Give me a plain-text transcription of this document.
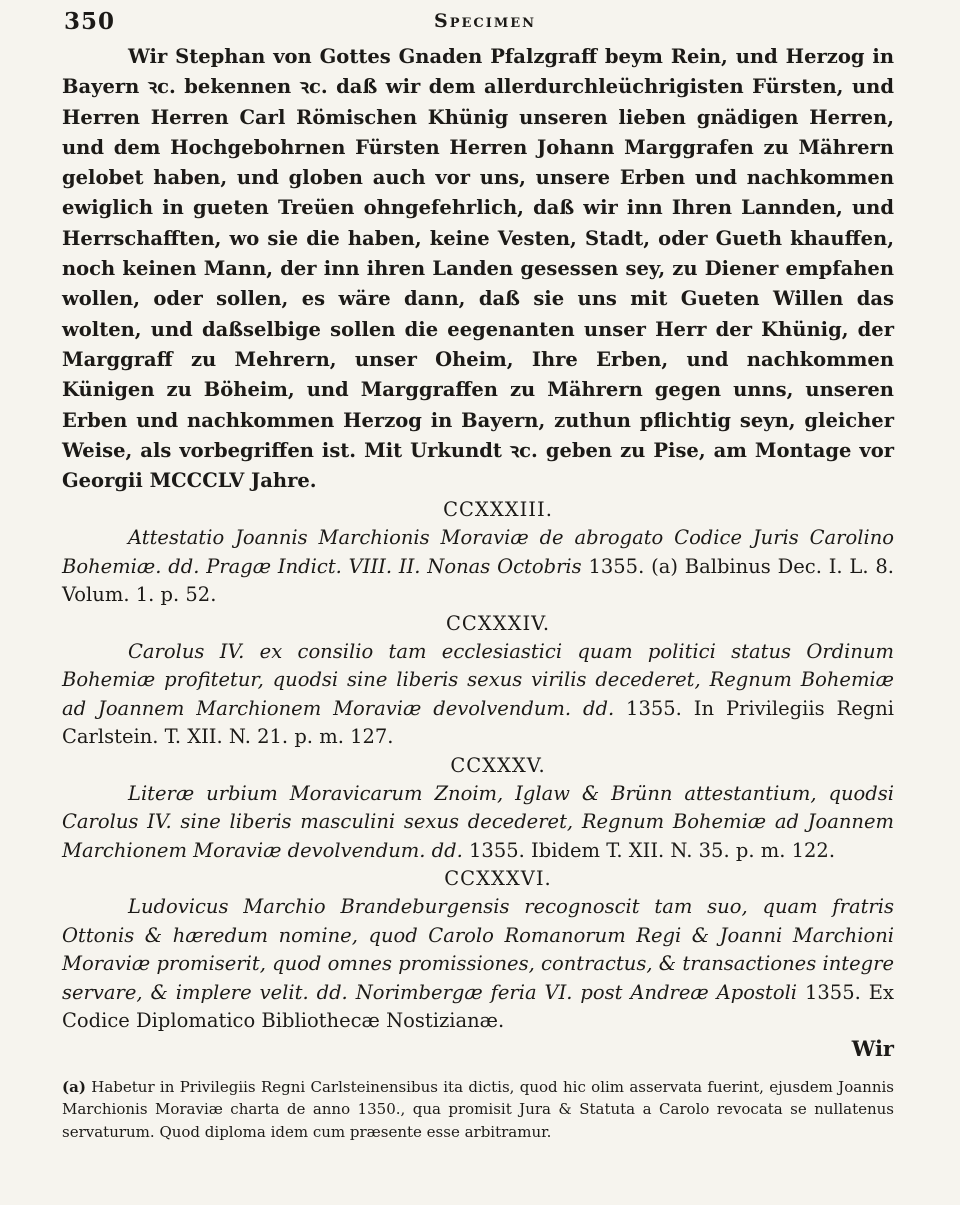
350	Specimen

Wir Stephan von Gottes Gnaden Pfalzgraff beym Rein, und Herzog in Bayern ꝛc. bekennen ꝛc. daß wir dem allerdurchleüchrigisten Fürsten, und Herren Herren Carl Römischen Khünig unseren lieben gnädigen Herren, und dem Hochgebohrnen Fürsten Herren Johann Marggrafen zu Mährern gelobet haben, und globen auch vor uns, unsere Erben und nachkommen ewiglich in gueten Treüen ohngefehrlich, daß wir inn Ihren Lannden, und Herrschafften, wo sie die haben, keine Vesten, Stadt, oder Gueth khauffen, noch keinen Mann, der inn ihren Landen gesessen sey, zu Diener empfahen wollen, oder sollen, es wäre dann, daß sie uns mit Gueten Willen das wolten, und daßselbige sollen die eegenanten unser Herr der Khünig, der Marggraff zu Mehrern, unser Oheim, Ihre Erben, und nachkommen Künigen zu Böheim, und Marggraffen zu Mährern gegen unns, unseren Erben und nachkommen Herzog in Bayern, zuthun pflichtig seyn, gleicher Weise, als vorbegriffen ist. Mit Urkundt ꝛc. geben zu Pise, am Montage vor Georgii MCCCLV Jahre.

CCXXXIII.

Attestatio Joannis Marchionis Moraviæ de abrogato Codice Juris Carolino Bohemiæ. dd. Pragæ Indict. VIII. II. Nonas Octobris 1355. (a) Balbinus Dec. I. L. 8. Volum. 1. p. 52.

CCXXXIV.

Carolus IV. ex consilio tam ecclesiastici quam politici status Ordinum Bohemiæ profitetur, quodsi sine liberis sexus virilis decederet, Regnum Bohemiæ ad Joannem Marchionem Moraviæ devolvendum. dd. 1355. In Privilegiis Regni Carlstein. T. XII. N. 21. p. m. 127.

CCXXXV.

Literæ urbium Moravicarum Znoim, Iglaw & Brünn attestantium, quodsi Carolus IV. sine liberis masculini sexus decederet, Regnum Bohemiæ ad Joannem Marchionem Moraviæ devolvendum. dd. 1355. Ibidem T. XII. N. 35. p. m. 122.

CCXXXVI.

Ludovicus Marchio Brandeburgensis recognoscit tam suo, quam fratris Ottonis & hæredum nomine, quod Carolo Romanorum Regi & Joanni Marchioni Moraviæ promiserit, quod omnes promissiones, contractus, & transactiones integre servare, & implere velit. dd. Norimbergæ feria VI. post Andreæ Apostoli 1355. Ex Codice Diplomatico Bibliothecæ Nostizianæ.

Wir

(a) Habetur in Privilegiis Regni Carlsteinensibus ita dictis, quod hic olim asservata fuerint, ejusdem Joannis Marchionis Moraviæ charta de anno 1350., qua promisit Jura & Statuta a Carolo revocata se nullatenus servaturum. Quod diploma idem cum præsente esse arbitramur.
